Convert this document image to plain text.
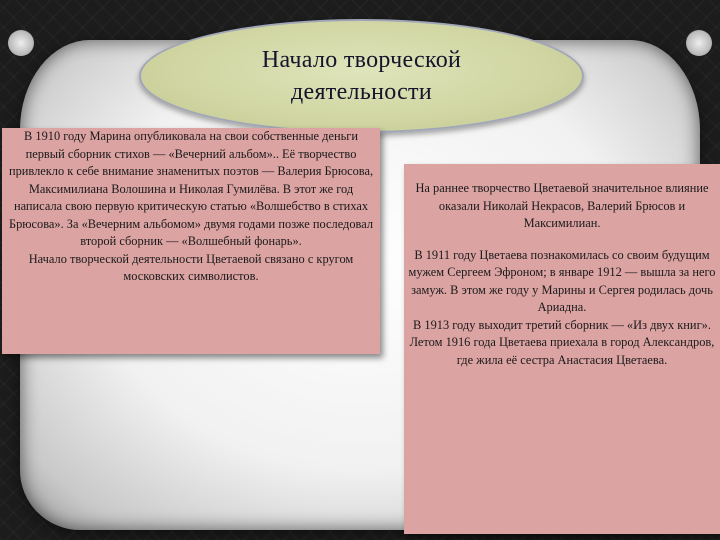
Начало творческой деятельности

В 1910 году Марина опубликовала на свои собственные деньги первый сборник стихов — «Вечерний альбом».. Её творчество привлекло к себе внимание знаменитых поэтов — Валерия Брюсова, Максимилиана Волошина и Николая Гумилёва. В этот же год написала свою первую критическую статью «Волшебство в стихах Брюсова». За «Вечерним альбомом» двумя годами позже последовал второй сборник — «Волшебный фонарь».

Начало творческой деятельности Цветаевой связано с кругом московских символистов.

На раннее творчество Цветаевой значительное влияние оказали Николай Некрасов, Валерий Брюсов и Максимилиан.

В 1911 году Цветаева познакомилась со своим будущим мужем Сергеем Эфроном; в январе 1912 — вышла за него замуж. В этом же году у Марины и Сергея родилась дочь Ариадна.

В 1913 году выходит третий сборник — «Из двух книг».

Летом 1916 года Цветаева приехала в город Александров, где жила её сестра Анастасия Цветаева.
